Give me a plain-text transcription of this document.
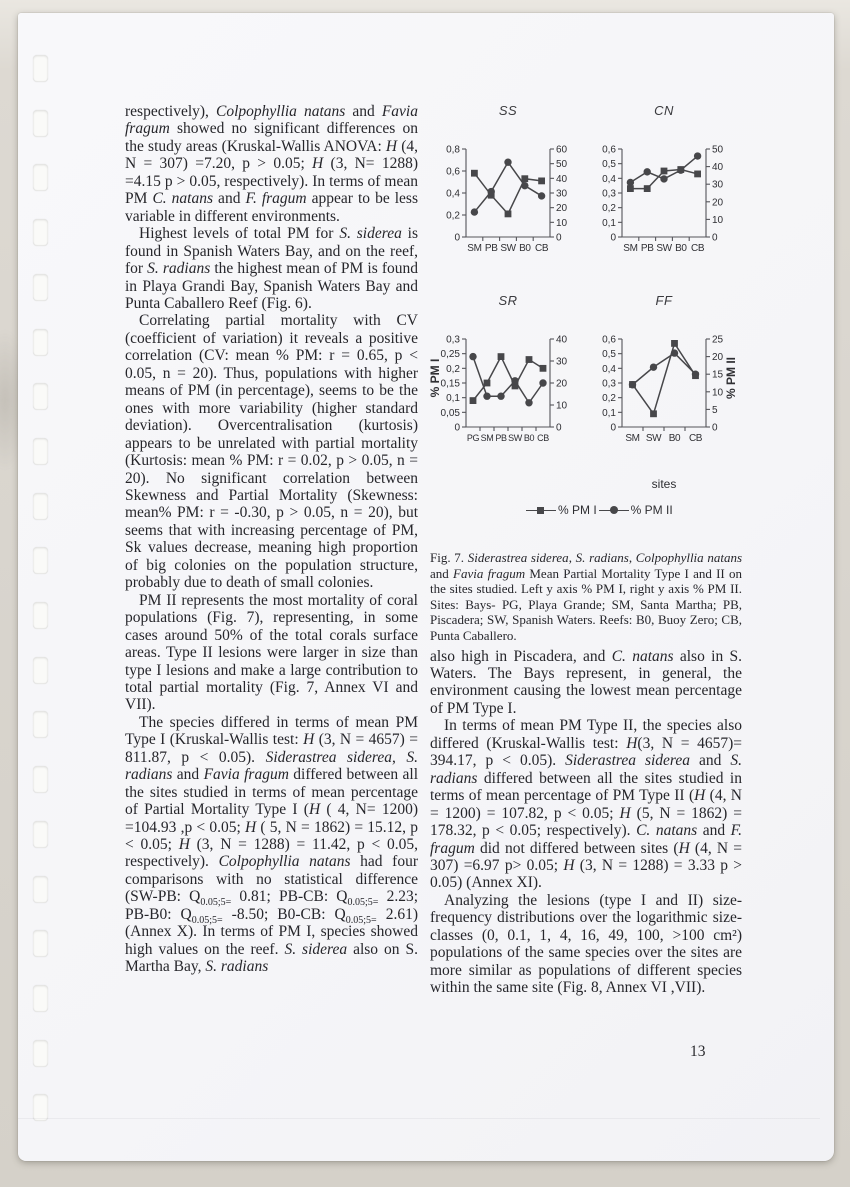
respectively), Colpophyllia natans and Favia fragum showed no significant differences on the study areas (Kruskal-Wallis ANOVA: H (4, N = 307) =7.20, p > 0.05; H (3, N= 1288) =4.15 p > 0.05, respectively). In terms of mean PM C. natans and F. fragum appear to be less variable in different environments.

Highest levels of total PM for S. siderea is found in Spanish Waters Bay, and on the reef, for S. radians the highest mean of PM is found in Playa Grandi Bay, Spanish Waters Bay and Punta Caballero Reef (Fig. 6).

Correlating partial mortality with CV (coefficient of variation) it reveals a positive correlation (CV: mean % PM: r = 0.65, p < 0.05, n = 20). Thus, populations with higher means of PM (in percentage), seems to be the ones with more variability (higher standard deviation). Overcentralisation (kurtosis) appears to be unrelated with partial mortality (Kurtosis: mean % PM: r = 0.02, p > 0.05, n = 20). No significant correlation between Skewness and Partial Mortality (Skewness: mean% PM: r = -0.30, p > 0.05, n = 20), but seems that with increasing percentage of PM, Sk values decrease, meaning high proportion of big colonies on the population structure, probably due to death of small colonies.

PM II represents the most mortality of coral populations (Fig. 7), representing, in some cases around 50% of the total corals surface areas. Type II lesions were larger in size than type I lesions and make a large contribution to total partial mortality (Fig. 7, Annex VI and VII).

The species differed in terms of mean PM Type I (Kruskal-Wallis test: H (3, N = 4657) = 811.87, p < 0.05). Siderastrea siderea, S. radians and Favia fragum differed between all the sites studied in terms of mean percentage of Partial Mortality Type I (H ( 4, N= 1200) =104.93 ,p < 0.05; H ( 5, N = 1862) = 15.12, p < 0.05; H (3, N = 1288) = 11.42, p < 0.05, respectively). Colpophyllia natans had four comparisons with no statistical difference (SW-PB: $Q_{0.05;5=}$ 0.81; PB-CB: $Q_{0.05;5=}$ 2.23; PB-B0: $Q_{0.05;5=}$ -8.50; B0-CB: $Q_{0.05;5=}$ 2.61) (Annex X). In terms of PM I, species showed high values on the reef. S. siderea also on S. Martha Bay, S. radians

SS
0
0,2
0,4
0,6
0,8
0
10
20
30
40
50
60
SM PB SW B0 CB
CN
0
0,1
0,2
0,3
0,4
0,5
0,6
0
10
20
30
40
50
SM PB SW B0 CB
SR
0
0,05
0,1
0,15
0,2
0,25
0,3
0
10
20
30
40
PG SM PB SW B0 CB
FF
0
0,1
0,2
0,3
0,4
0,5
0,6
0
5
10
15
20
25
SM SW B0 CB
% PM I	% PM II
sites
% PM I	% PM II
Fig. 7. Siderastrea siderea, S. radians, Colpophyllia natans and Favia fragum Mean Partial Mortality Type I and II on the sites studied. Left y axis % PM I, right y axis % PM II. Sites: Bays- PG, Playa Grande; SM, Santa Martha; PB, Piscadera; SW, Spanish Waters. Reefs: B0, Buoy Zero; CB, Punta Caballero.

also high in Piscadera, and C. natans also in S. Waters. The Bays represent, in general, the environment causing the lowest mean percentage of PM Type I.

In terms of mean PM Type II, the species also differed (Kruskal-Wallis test: H(3, N = 4657)= 394.17, p < 0.05). Siderastrea siderea and S. radians differed between all the sites studied in terms of mean percentage of PM Type II (H (4, N = 1200) = 107.82, p < 0.05; H (5, N = 1862) = 178.32, p < 0.05; respectively). C. natans and F. fragum did not differed between sites (H (4, N = 307) =6.97 p> 0.05; H (3, N = 1288) = 3.33 p > 0.05) (Annex XI).

Analyzing the lesions (type I and II) size-frequency distributions over the logarithmic size-classes (0, 0.1, 1, 4, 16, 49, 100, >100 cm²) populations of the same species over the sites are more similar as populations of different species within the same site (Fig. 8, Annex VI ,VII).

13
